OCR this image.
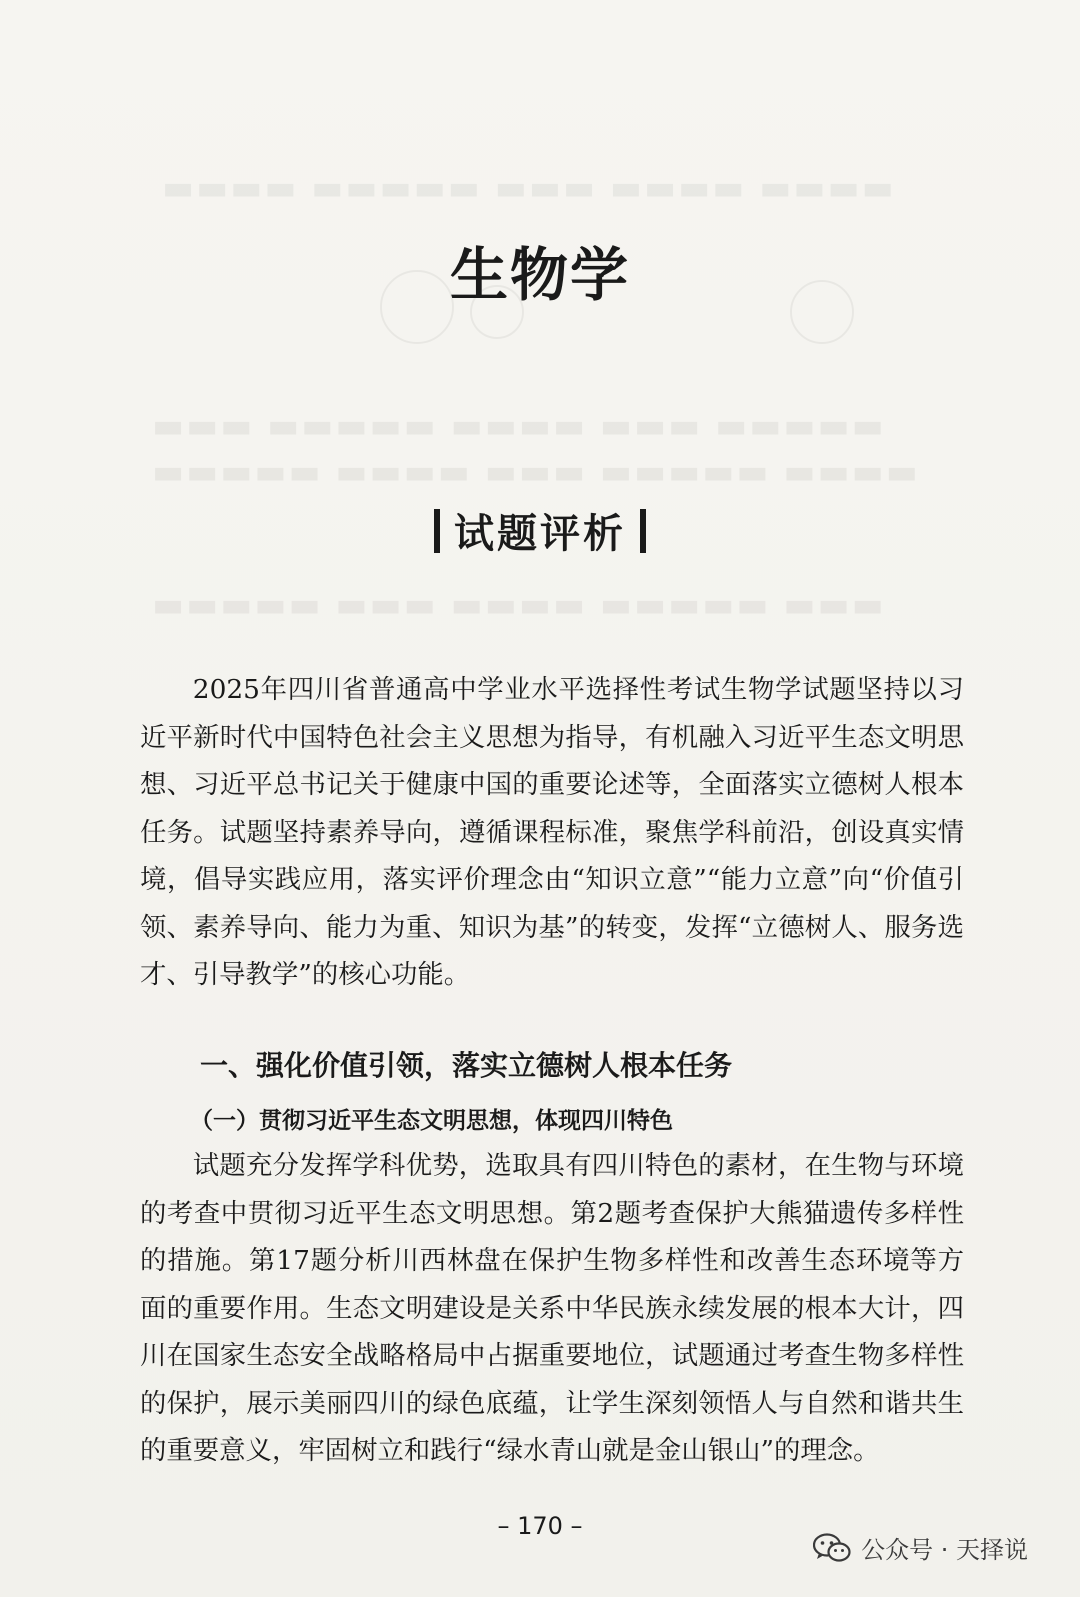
▬▬▬▬ ▬▬▬▬ ▬▬▬ ▬▬▬▬▬ ▬▬▬▬
▬▬▬▬▬ ▬▬▬ ▬▬▬▬ ▬▬▬▬▬ ▬▬▬
▬▬▬▬ ▬▬▬▬▬ ▬▬▬ ▬▬▬▬ ▬▬▬▬▬
▬▬▬ ▬▬▬▬▬ ▬▬▬▬ ▬▬▬ ▬▬▬▬▬
生物学
试题评析

2025年四川省普通高中学业水平选择性考试生物学试题坚持以习近平新时代中国特色社会主义思想为指导，有机融入习近平生态文明思想、习近平总书记关于健康中国的重要论述等，全面落实立德树人根本任务。试题坚持素养导向，遵循课程标准，聚焦学科前沿，创设真实情境，倡导实践应用，落实评价理念由“知识立意”“能力立意”向“价值引领、素养导向、能力为重、知识为基”的转变，发挥“立德树人、服务选才、引导教学”的核心功能。

一、强化价值引领，落实立德树人根本任务
（一）贯彻习近平生态文明思想，体现四川特色

试题充分发挥学科优势，选取具有四川特色的素材，在生物与环境的考查中贯彻习近平生态文明思想。第2题考查保护大熊猫遗传多样性的措施。第17题分析川西林盘在保护生物多样性和改善生态环境等方面的重要作用。生态文明建设是关系中华民族永续发展的根本大计，四川在国家生态安全战略格局中占据重要地位，试题通过考查生物多样性的保护，展示美丽四川的绿色底蕴，让学生深刻领悟人与自然和谐共生的重要意义，牢固树立和践行“绿水青山就是金山银山”的理念。

– 170 –
公众号 · 天择说
